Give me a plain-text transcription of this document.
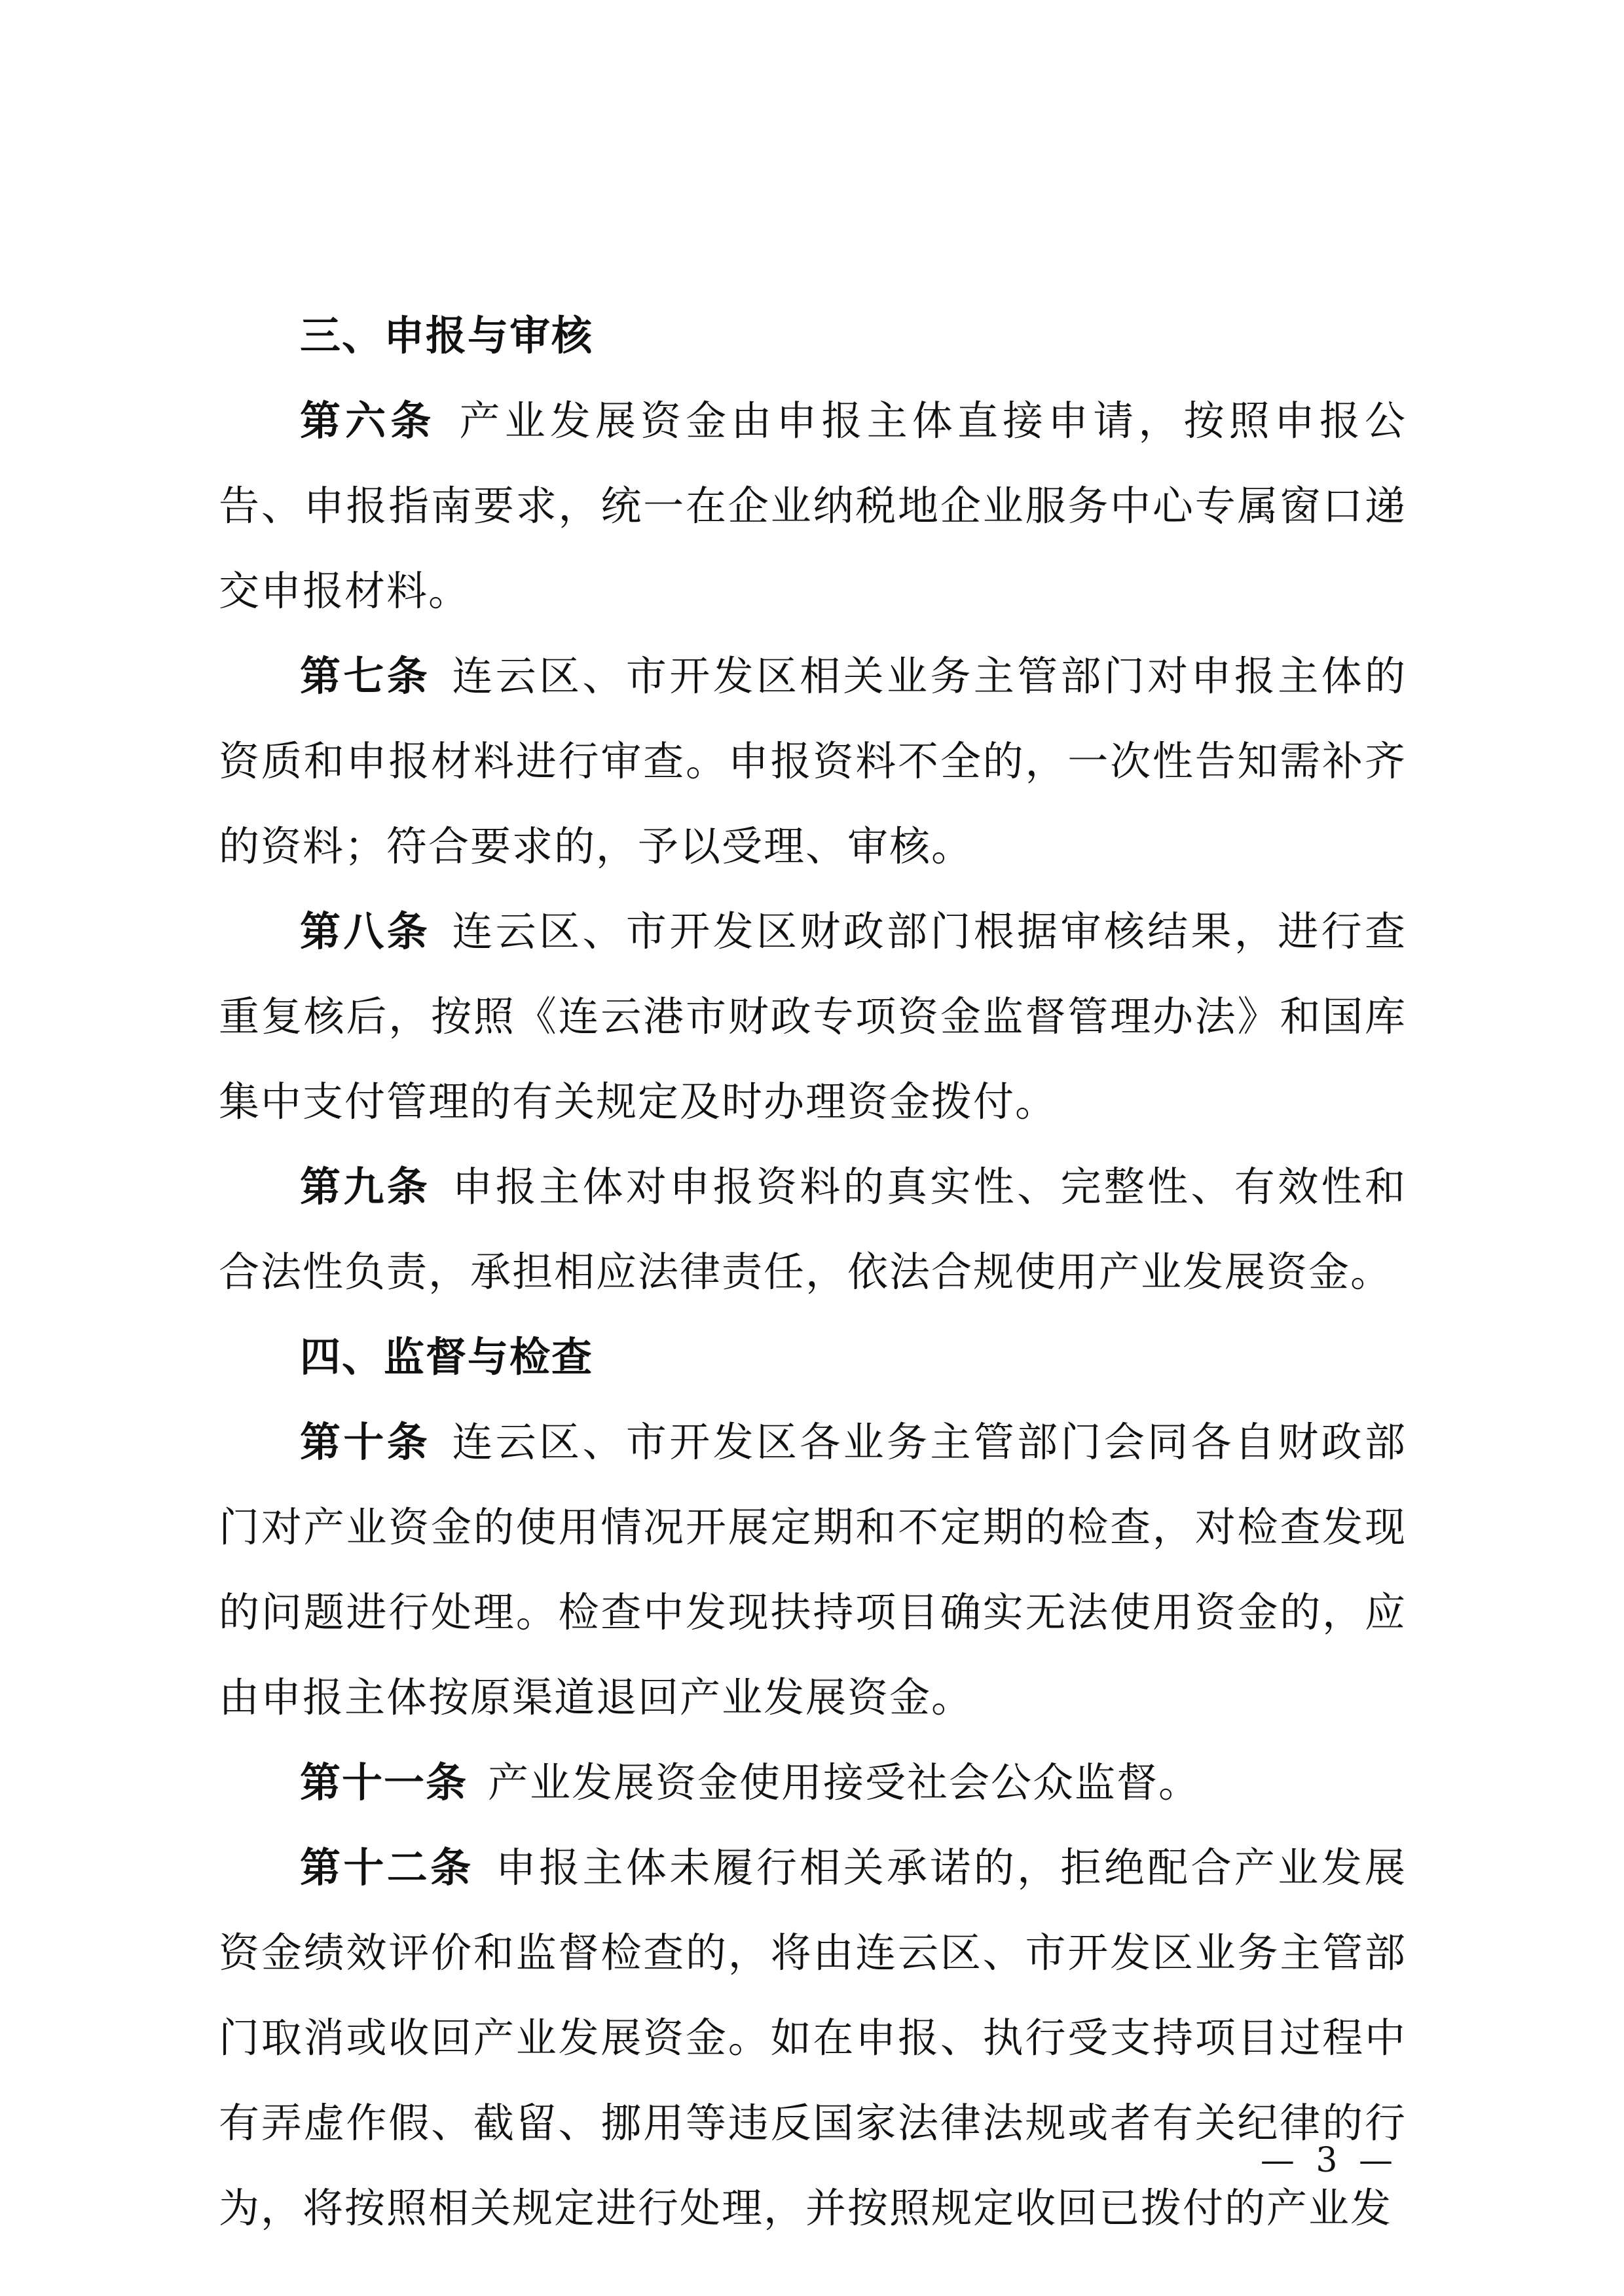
三、申报与审核

第六条 产业发展资金由申报主体直接申请，按照申报公告、申报指南要求，统一在企业纳税地企业服务中心专属窗口递交申报材料。

第七条 连云区、市开发区相关业务主管部门对申报主体的资质和申报材料进行审查。申报资料不全的，一次性告知需补齐的资料；符合要求的，予以受理、审核。

第八条 连云区、市开发区财政部门根据审核结果，进行查重复核后，按照《连云港市财政专项资金监督管理办法》和国库集中支付管理的有关规定及时办理资金拨付。

第九条 申报主体对申报资料的真实性、完整性、有效性和合法性负责，承担相应法律责任，依法合规使用产业发展资金。

四、监督与检查

第十条 连云区、市开发区各业务主管部门会同各自财政部门对产业资金的使用情况开展定期和不定期的检查，对检查发现的问题进行处理。检查中发现扶持项目确实无法使用资金的，应由申报主体按原渠道退回产业发展资金。

第十一条 产业发展资金使用接受社会公众监督。

第十二条 申报主体未履行相关承诺的，拒绝配合产业发展资金绩效评价和监督检查的，将由连云区、市开发区业务主管部门取消或收回产业发展资金。如在申报、执行受支持项目过程中有弄虚作假、截留、挪用等违反国家法律法规或者有关纪律的行为，将按照相关规定进行处理，并按照规定收回已拨付的产业发

— 3 —
